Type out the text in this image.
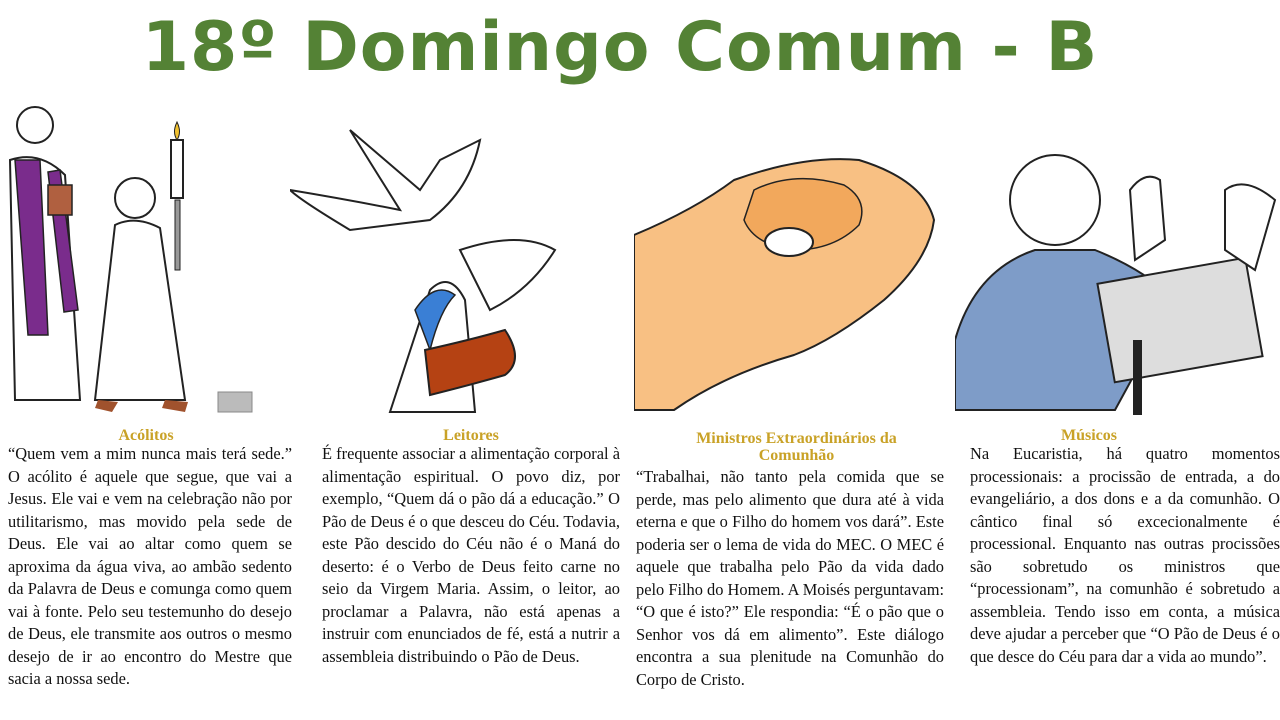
18º Domingo Comum - B
Acólitos
“Quem vem a mim nunca mais terá sede.” O acólito é aquele que segue, que vai a Jesus. Ele vai e vem na celebração não por utilitarismo, mas movido pela sede de Deus. Ele vai ao altar como quem se aproxima da água viva, ao ambão sedento da Palavra de Deus e comunga como quem vai à fonte. Pelo seu testemunho do desejo de Deus, ele transmite aos outros o mesmo desejo de ir ao encontro do Mestre que sacia a nossa sede.
Leitores
É frequente associar a alimentação corporal à alimentação espiritual. O povo diz, por exemplo, “Quem dá o pão dá a educação.” O Pão de Deus é o que desceu do Céu. Todavia, este Pão descido do Céu não é o Maná do deserto: é o Verbo de Deus feito carne no seio da Virgem Maria. Assim, o leitor, ao proclamar a Palavra, não está apenas a instruir com enunciados de fé, está a nutrir a assembleia distribuindo o Pão de Deus.
Ministros Extraordinários da Comunhão
“Trabalhai, não tanto pela comida que se perde, mas pelo alimento que dura até à vida eterna e que o Filho do homem vos dará”. Este poderia ser o lema de vida do MEC. O MEC é aquele que trabalha pelo Pão da vida dado pelo Filho do Homem. A Moisés perguntavam: “O que é isto?” Ele respondia: “É o pão que o Senhor vos dá em alimento”. Este diálogo encontra a sua plenitude na Comunhão do Corpo de Cristo.
Músicos
Na Eucaristia, há quatro momentos processionais: a procissão de entrada, a do evangeliário, a dos dons e a da comunhão. O cântico final só excecionalmente é processional. Enquanto nas outras procissões são sobretudo os ministros que “processionam”, na comunhão é sobretudo a assembleia. Tendo isso em conta, a música deve ajudar a perceber que “O Pão de Deus é o que desce do Céu para dar a vida ao mundo”.
